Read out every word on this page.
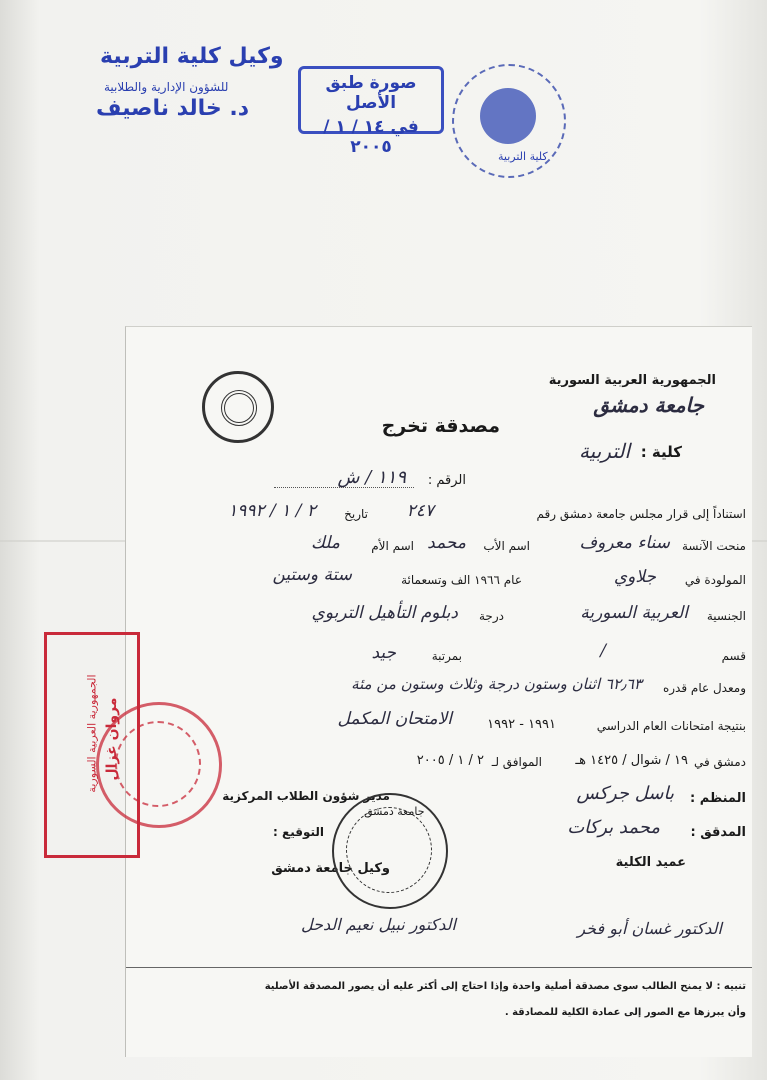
وكيل كلية التربية
للشؤون الإدارية والطلابية
د. خالد ناصيف
صورة طبق الأصل
في ١٤ / ١ / ٢٠٠٥	كلية التربية
الجمهورية العربية السورية
جامعة دمشق
مصدقة تخرج
كلية :
التربية
الرقم :
١١٩ / ش
استناداً إلى قرار مجلس جامعة دمشق رقم
٢٤٧
تاريخ
٢ / ١ / ١٩٩٢
منحت الآنسة
سناء معروف
اسم الأب
محمد
اسم الأم
ملك
المولودة في
جلاوي
عام ١٩٦٦ الف وتسعمائة
ستة وستين
الجنسية
العربية السورية
درجة
دبلوم التأهيل التربوي
قسم
/
بمرتبة
جيد
ومعدل عام قدره
٦٢٫٦٣ اثنان وستون درجة وثلاث وستون من مئة
بنتيجة امتحانات العام الدراسي
١٩٩١ - ١٩٩٢
الامتحان المكمل
دمشق في
١٩ / شوال / ١٤٢٥ هـ
الموافق لـ
٢ / ١ / ٢٠٠٥
المنظم :
باسل جركس
مدير شؤون الطلاب المركزية
المدقق :
محمد بركات
التوقيع :
عميد الكلية
وكيل جامعة دمشق
الدكتور غسان أبو فخر
الدكتور نبيل نعيم الدحل
جامعة دمشق
تنبيه : لا يمنح الطالب سوى مصدقة أصلية واحدة وإذا احتاج إلى أكثر عليه أن يصور المصدقة الأصلية
وأن يبرزها مع الصور إلى عمادة الكلية للمصادقة .
الجمهورية العربية السورية مروان غزال
